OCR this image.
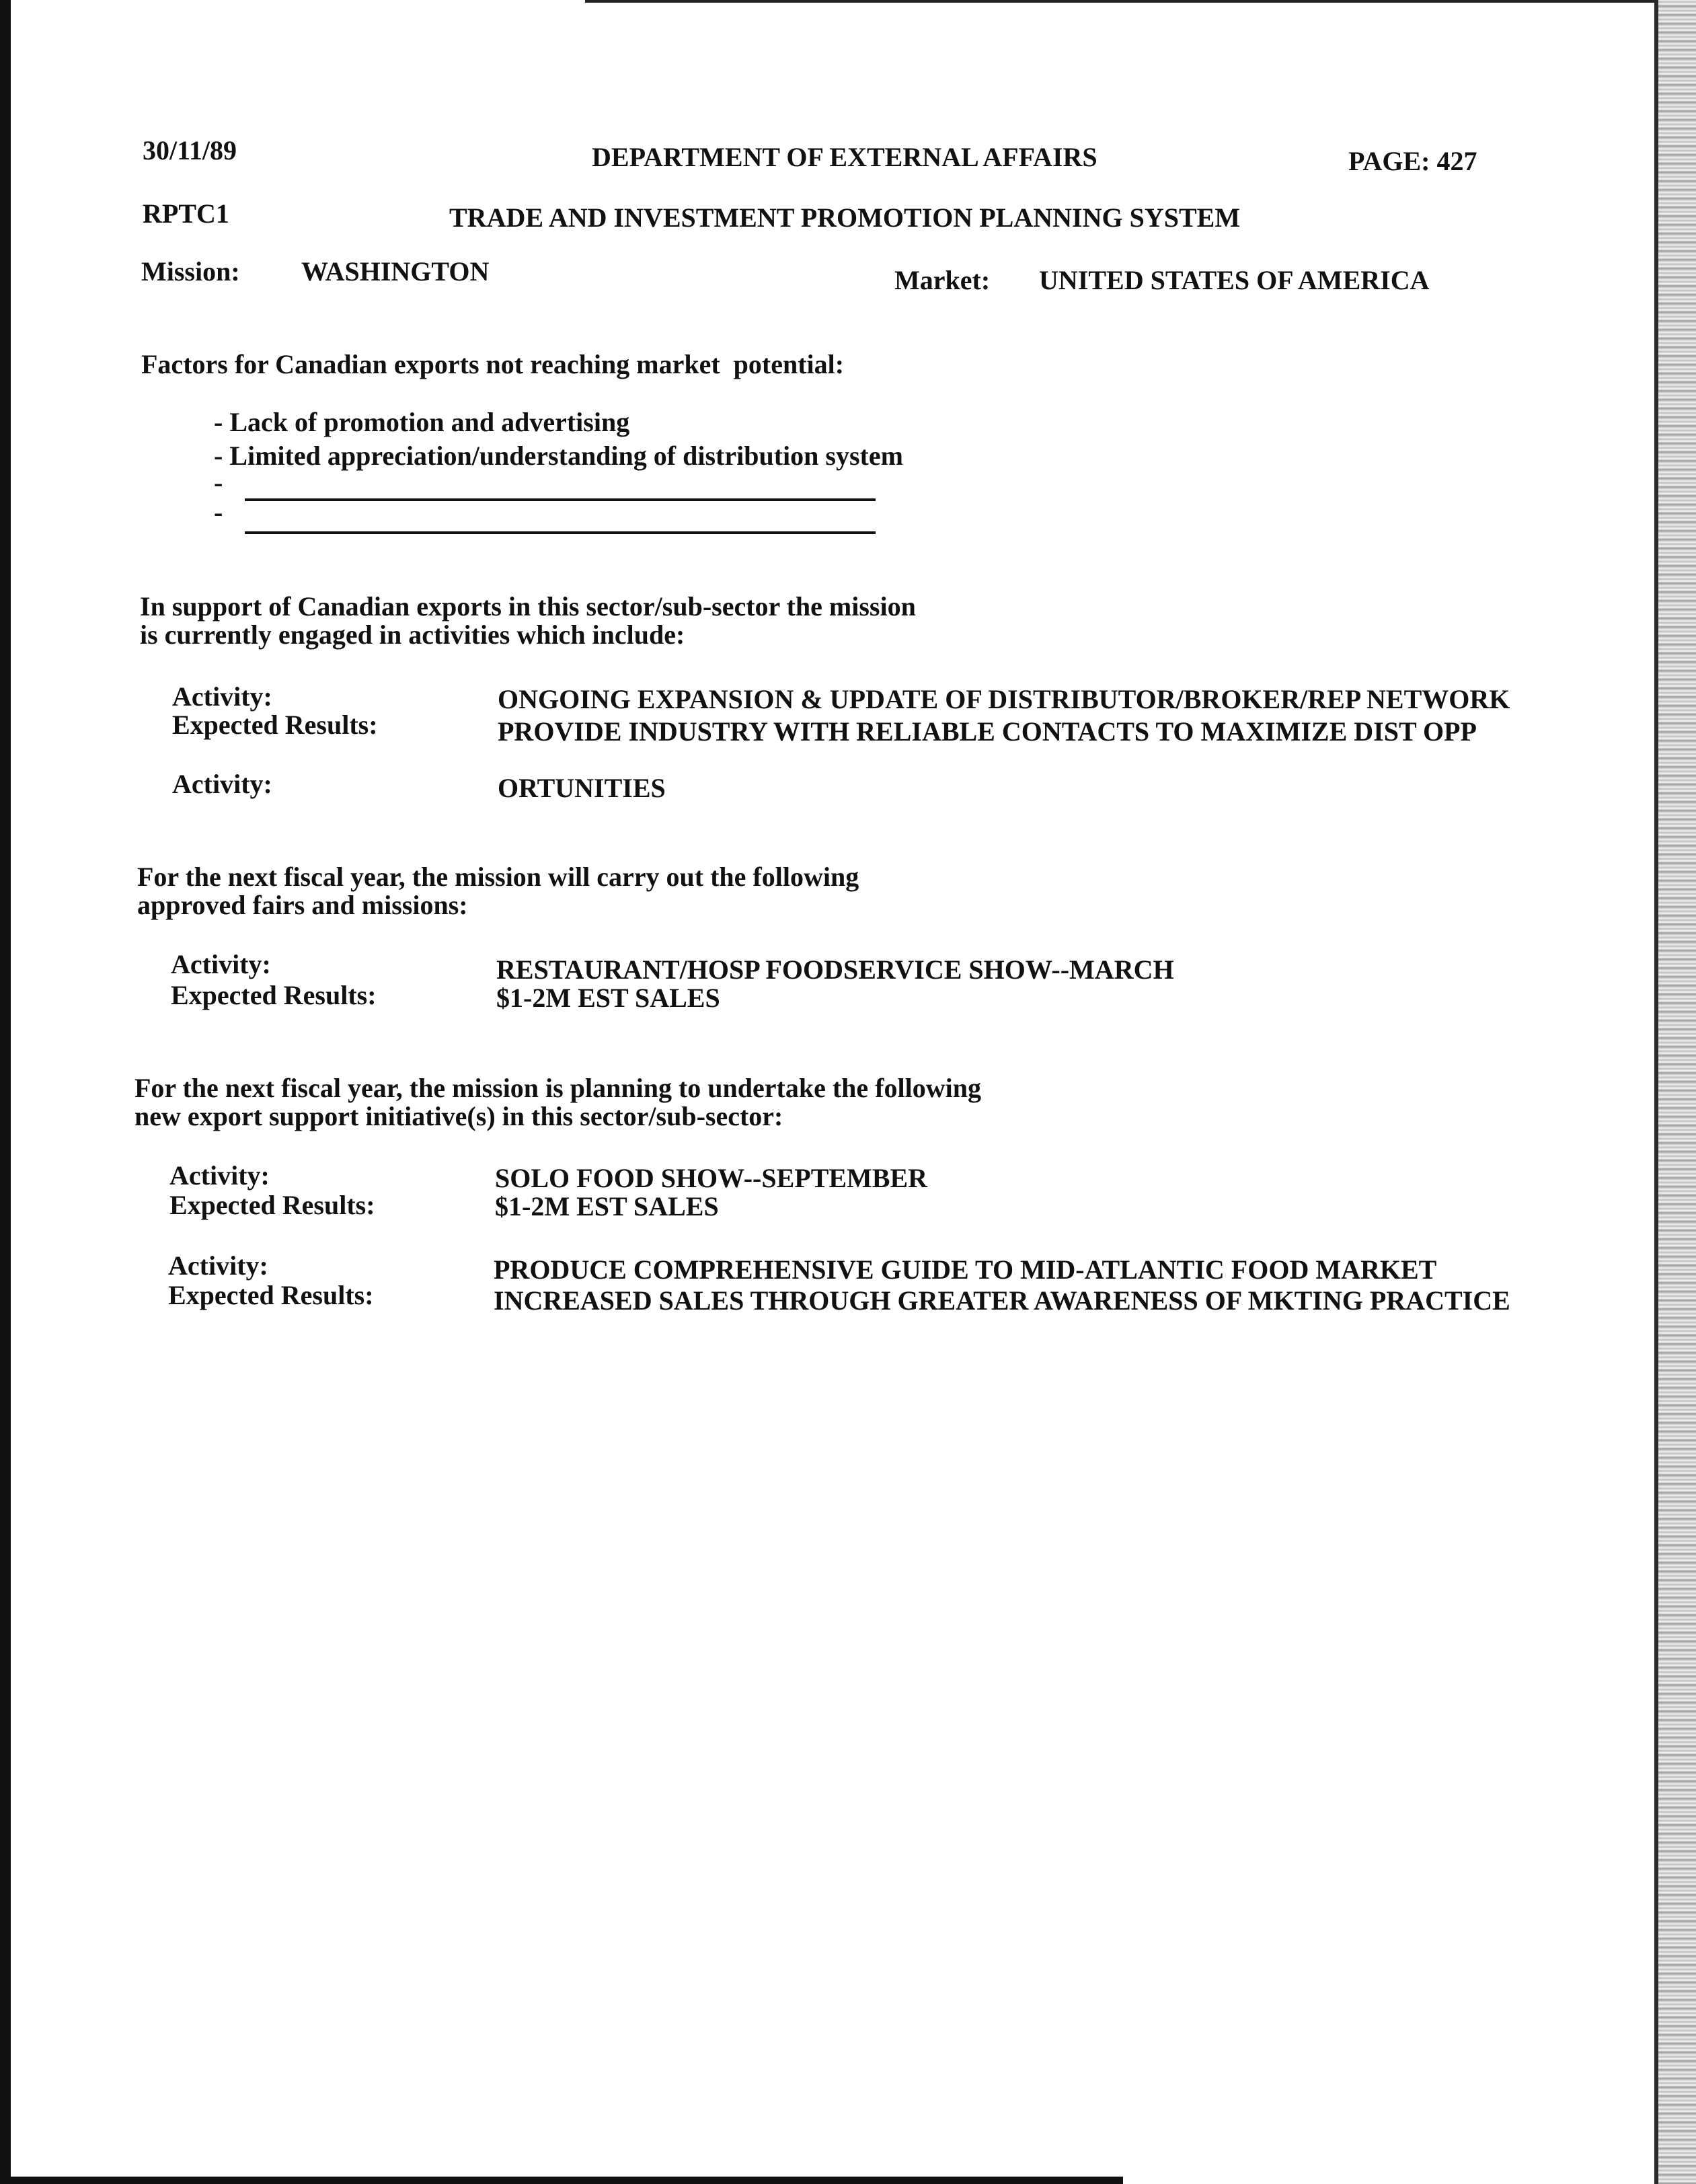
30/11/89	DEPARTMENT OF EXTERNAL AFFAIRS	PAGE: 427
RPTC1	TRADE AND INVESTMENT PROMOTION PLANNING SYSTEM
Mission: WASHINGTON	Market: UNITED STATES OF AMERICA
Factors for Canadian exports not reaching market  potential:
- Lack of promotion and advertising
- Limited appreciation/understanding of distribution system
-
-
In support of Canadian exports in this sector/sub-sector the mission
is currently engaged in activities which include:
Activity:	ONGOING EXPANSION & UPDATE OF DISTRIBUTOR/BROKER/REP NETWORK
Expected Results:	PROVIDE INDUSTRY WITH RELIABLE CONTACTS TO MAXIMIZE DIST OPP
Activity:	ORTUNITIES
For the next fiscal year, the mission will carry out the following
approved fairs and missions:
Activity:	RESTAURANT/HOSP FOODSERVICE SHOW--MARCH
Expected Results:	$1-2M EST SALES
For the next fiscal year, the mission is planning to undertake the following
new export support initiative(s) in this sector/sub-sector:
Activity:	SOLO FOOD SHOW--SEPTEMBER
Expected Results:	$1-2M EST SALES
Activity:	PRODUCE COMPREHENSIVE GUIDE TO MID-ATLANTIC FOOD MARKET
Expected Results:	INCREASED SALES THROUGH GREATER AWARENESS OF MKTING PRACTICE
